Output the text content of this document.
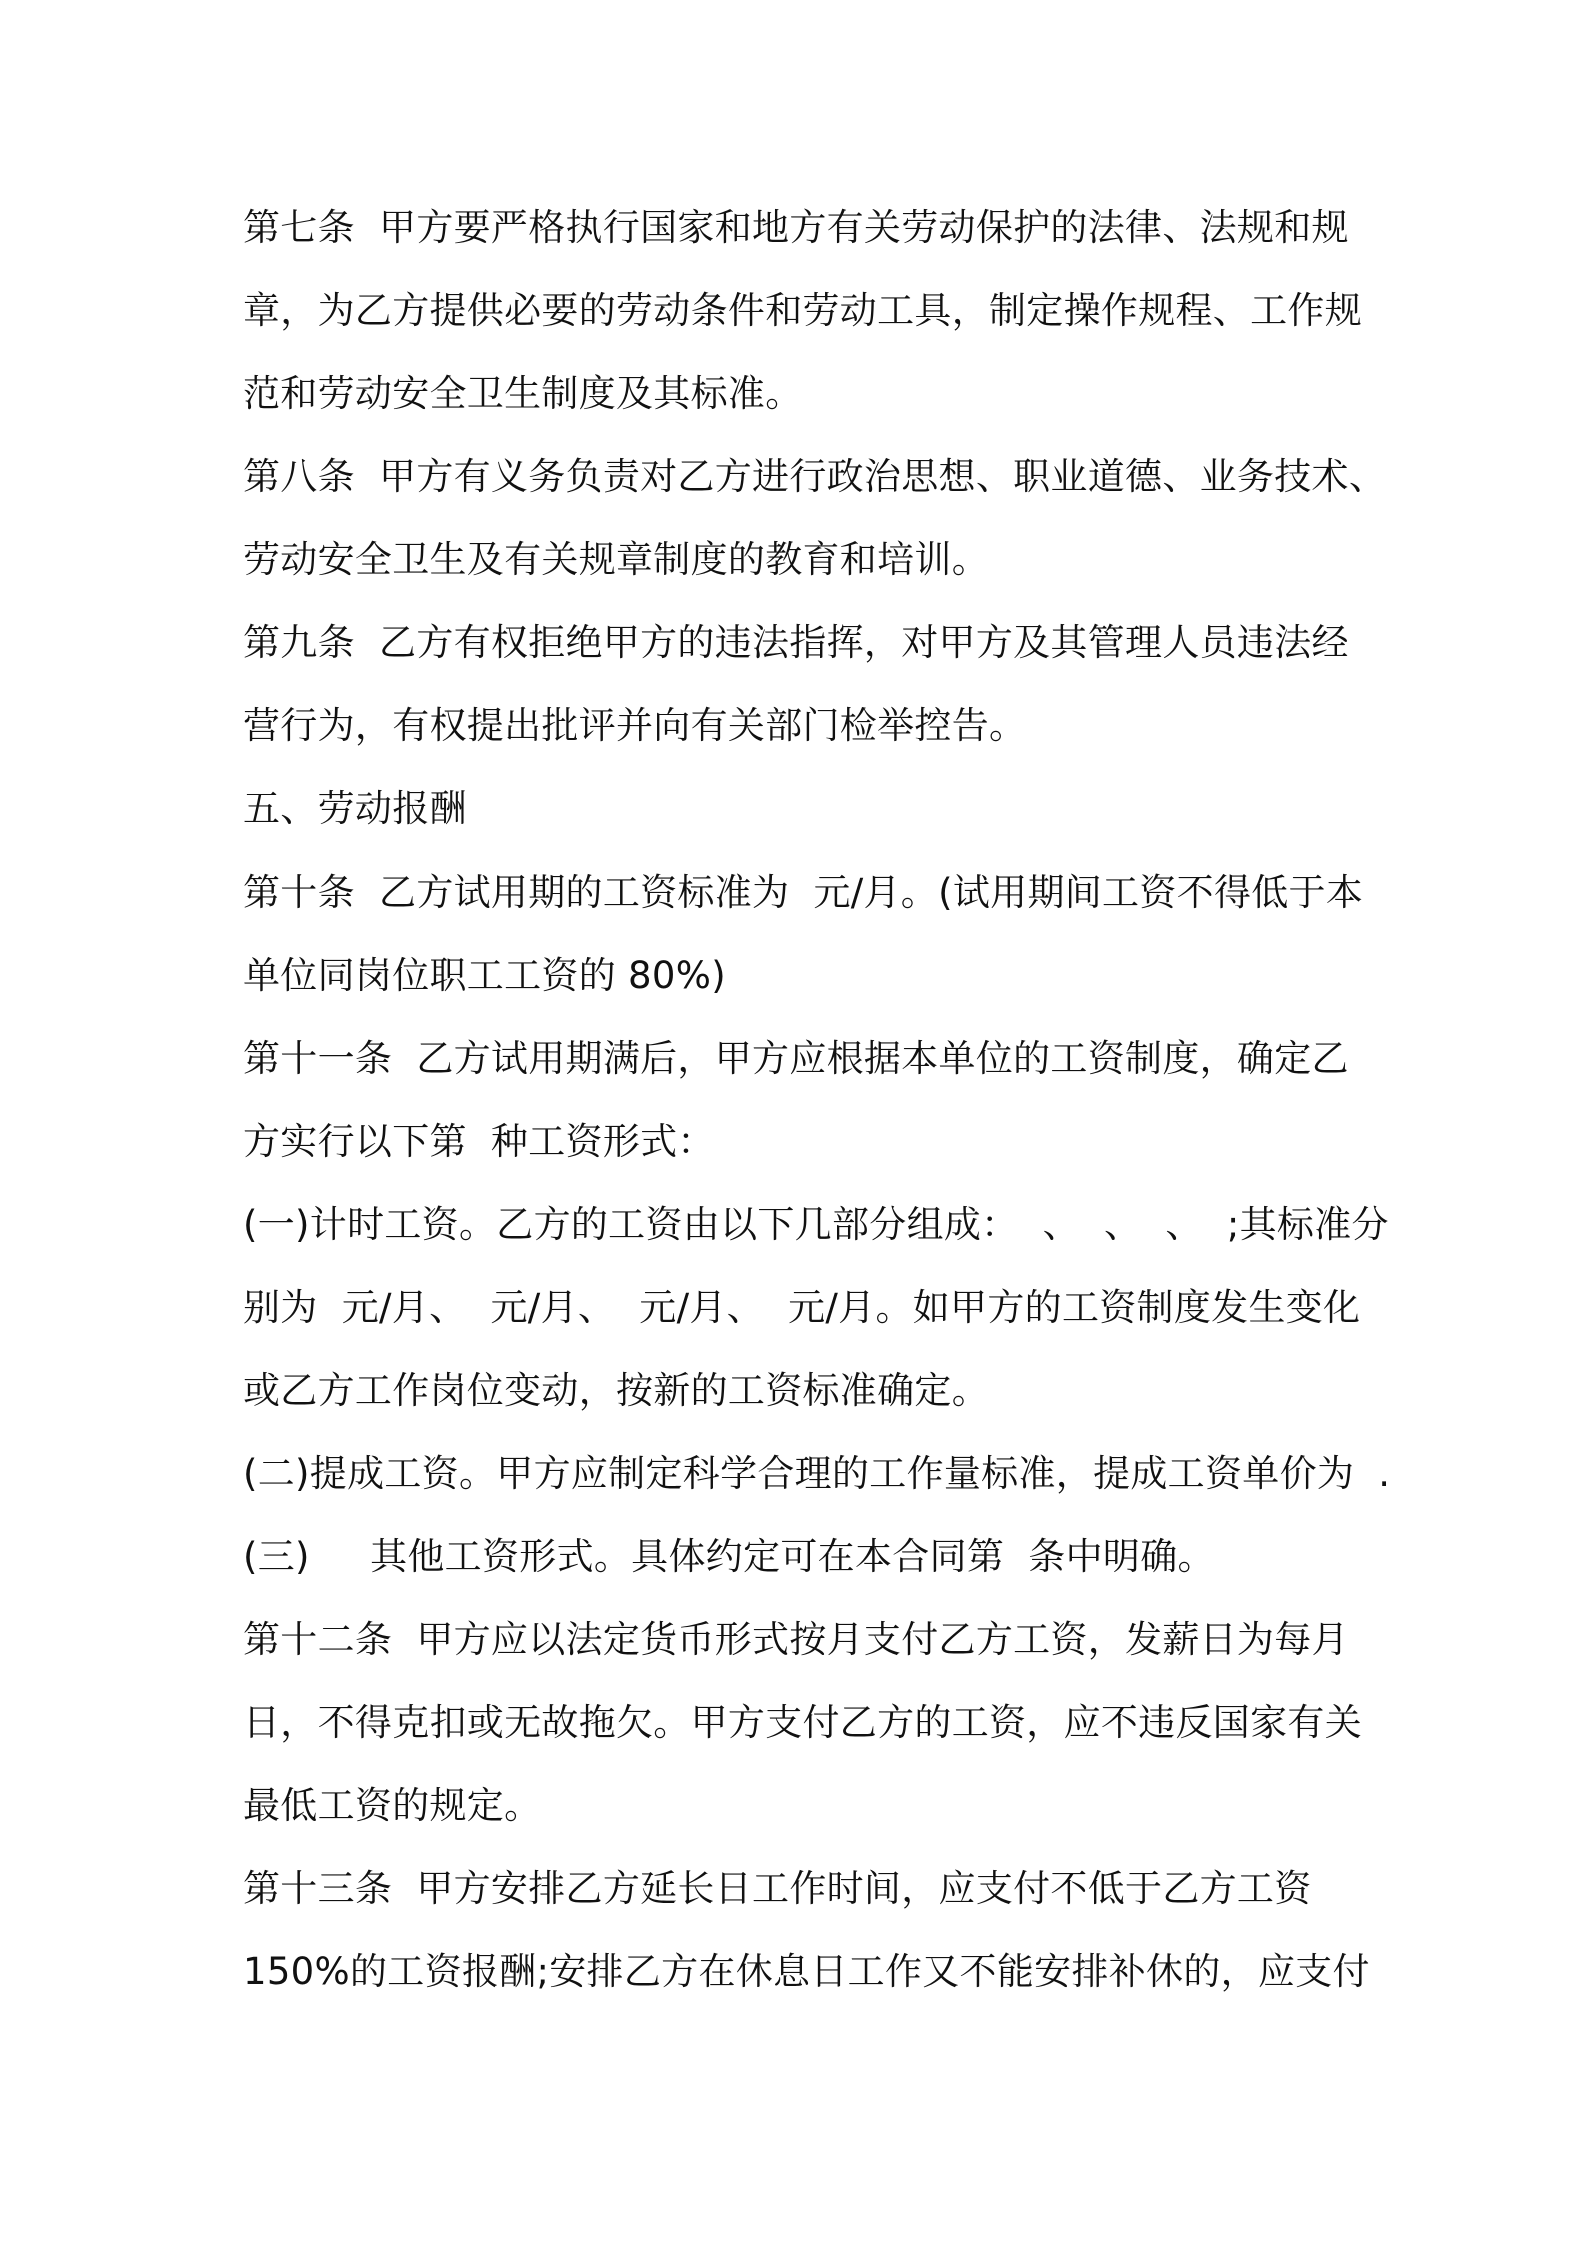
第七条  甲方要严格执行国家和地方有关劳动保护的法律、法规和规

章，为乙方提供必要的劳动条件和劳动工具，制定操作规程、工作规

范和劳动安全卫生制度及其标准。

第八条  甲方有义务负责对乙方进行政治思想、职业道德、业务技术、

劳动安全卫生及有关规章制度的教育和培训。

第九条  乙方有权拒绝甲方的违法指挥，对甲方及其管理人员违法经

营行为，有权提出批评并向有关部门检举控告。

五、劳动报酬

第十条  乙方试用期的工资标准为  元/月。(试用期间工资不得低于本

单位同岗位职工工资的 80%)

第十一条  乙方试用期满后，甲方应根据本单位的工资制度，确定乙

方实行以下第  种工资形式：

(一)计时工资。乙方的工资由以下几部分组成：  、  、  、  ;其标准分

别为  元/月、  元/月、  元/月、  元/月。如甲方的工资制度发生变化

或乙方工作岗位变动，按新的工资标准确定。

(二)提成工资。甲方应制定科学合理的工作量标准，提成工资单价为  .

(三)     其他工资形式。具体约定可在本合同第  条中明确。

第十二条  甲方应以法定货币形式按月支付乙方工资，发薪日为每月

日，不得克扣或无故拖欠。甲方支付乙方的工资，应不违反国家有关

最低工资的规定。

第十三条  甲方安排乙方延长日工作时间，应支付不低于乙方工资

150%的工资报酬;安排乙方在休息日工作又不能安排补休的，应支付
